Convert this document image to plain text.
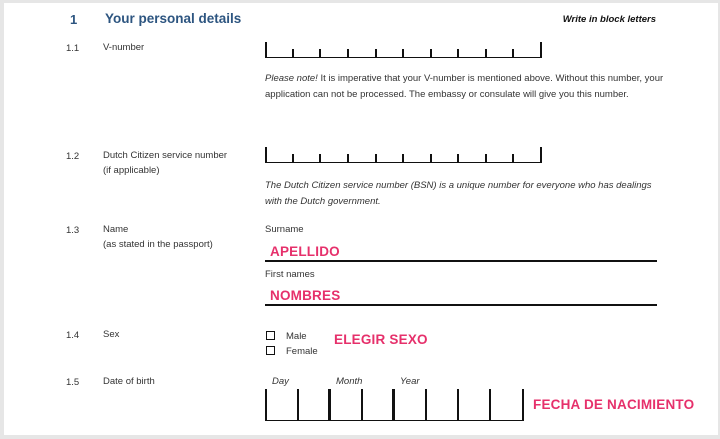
1 Your personal details	Write in block letters
1.1	V-number
Please note! It is imperative that your V-number is mentioned above. Without this number, your application can not be processed. The embassy or consulate will give you this number.
1.2	Dutch Citizen service number
(if applicable)
The Dutch Citizen service number (BSN) is a unique number for everyone who has dealings with the Dutch government.
1.3	Name
(as stated in the passport)
Surname
APELLIDO
First names
NOMBRES
1.4	Sex	Male
Female
ELEGIR SEXO
1.5	Date of birth	Day	Month	Year
FECHA DE NACIMIENTO
